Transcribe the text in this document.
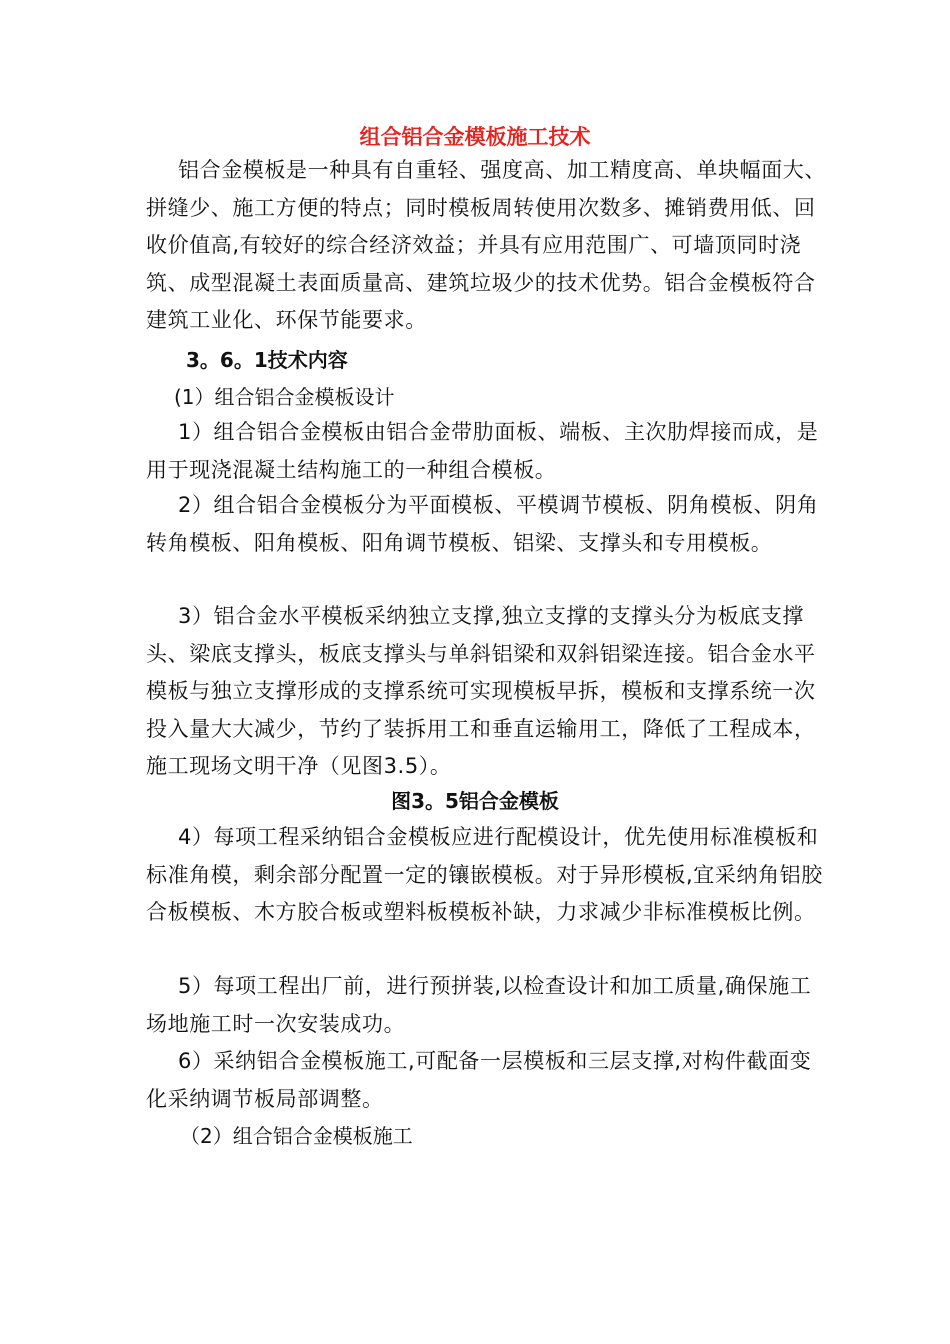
组合铝合金模板施工技术

铝合金模板是一种具有自重轻、强度高、加工精度高、单块幅面大、拼缝少、施工方便的特点；同时模板周转使用次数多、摊销费用低、回收价值高,有较好的综合经济效益；并具有应用范围广、可墙顶同时浇筑、成型混凝土表面质量高、建筑垃圾少的技术优势。铝合金模板符合建筑工业化、环保节能要求。

3。6。1技术内容

(1）组合铝合金模板设计

1）组合铝合金模板由铝合金带肋面板、端板、主次肋焊接而成，是用于现浇混凝土结构施工的一种组合模板。

2）组合铝合金模板分为平面模板、平模调节模板、阴角模板、阴角转角模板、阳角模板、阳角调节模板、铝梁、支撑头和专用模板。

3）铝合金水平模板采纳独立支撑,独立支撑的支撑头分为板底支撑头、梁底支撑头，板底支撑头与单斜铝梁和双斜铝梁连接。铝合金水平模板与独立支撑形成的支撑系统可实现模板早拆，模板和支撑系统一次投入量大大减少，节约了装拆用工和垂直运输用工，降低了工程成本，施工现场文明干净（见图3.5）。

图3。5铝合金模板

4）每项工程采纳铝合金模板应进行配模设计，优先使用标准模板和标准角模，剩余部分配置一定的镶嵌模板。对于异形模板,宜采纳角铝胶合板模板、木方胶合板或塑料板模板补缺，力求减少非标准模板比例。

5）每项工程出厂前，进行预拼装,以检查设计和加工质量,确保施工场地施工时一次安装成功。

6）采纳铝合金模板施工,可配备一层模板和三层支撑,对构件截面变化采纳调节板局部调整。

（2）组合铝合金模板施工
